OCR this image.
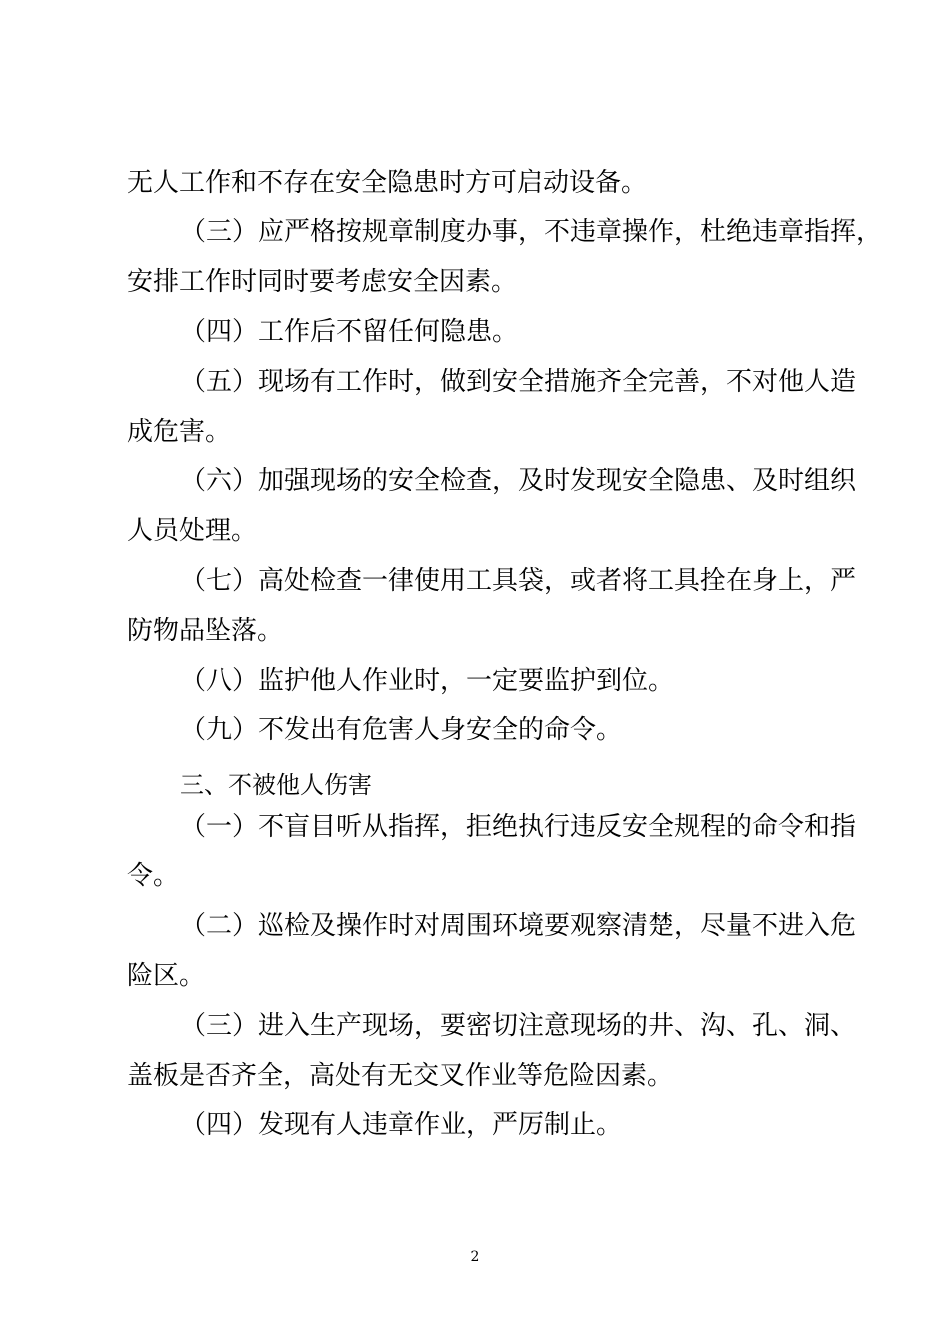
无人工作和不存在安全隐患时方可启动设备。
（三）应严格按规章制度办事，不违章操作，杜绝违章指挥，
安排工作时同时要考虑安全因素。
（四）工作后不留任何隐患。
（五）现场有工作时，做到安全措施齐全完善，不对他人造
成危害。
（六）加强现场的安全检查，及时发现安全隐患、及时组织
人员处理。
（七）高处检查一律使用工具袋，或者将工具拴在身上，严
防物品坠落。
（八）监护他人作业时，一定要监护到位。
（九）不发出有危害人身安全的命令。
三、不被他人伤害
（一）不盲目听从指挥，拒绝执行违反安全规程的命令和指
令。
（二）巡检及操作时对周围环境要观察清楚，尽量不进入危
险区。
（三）进入生产现场，要密切注意现场的井、沟、孔、洞、
盖板是否齐全，高处有无交叉作业等危险因素。
（四）发现有人违章作业，严厉制止。
2
